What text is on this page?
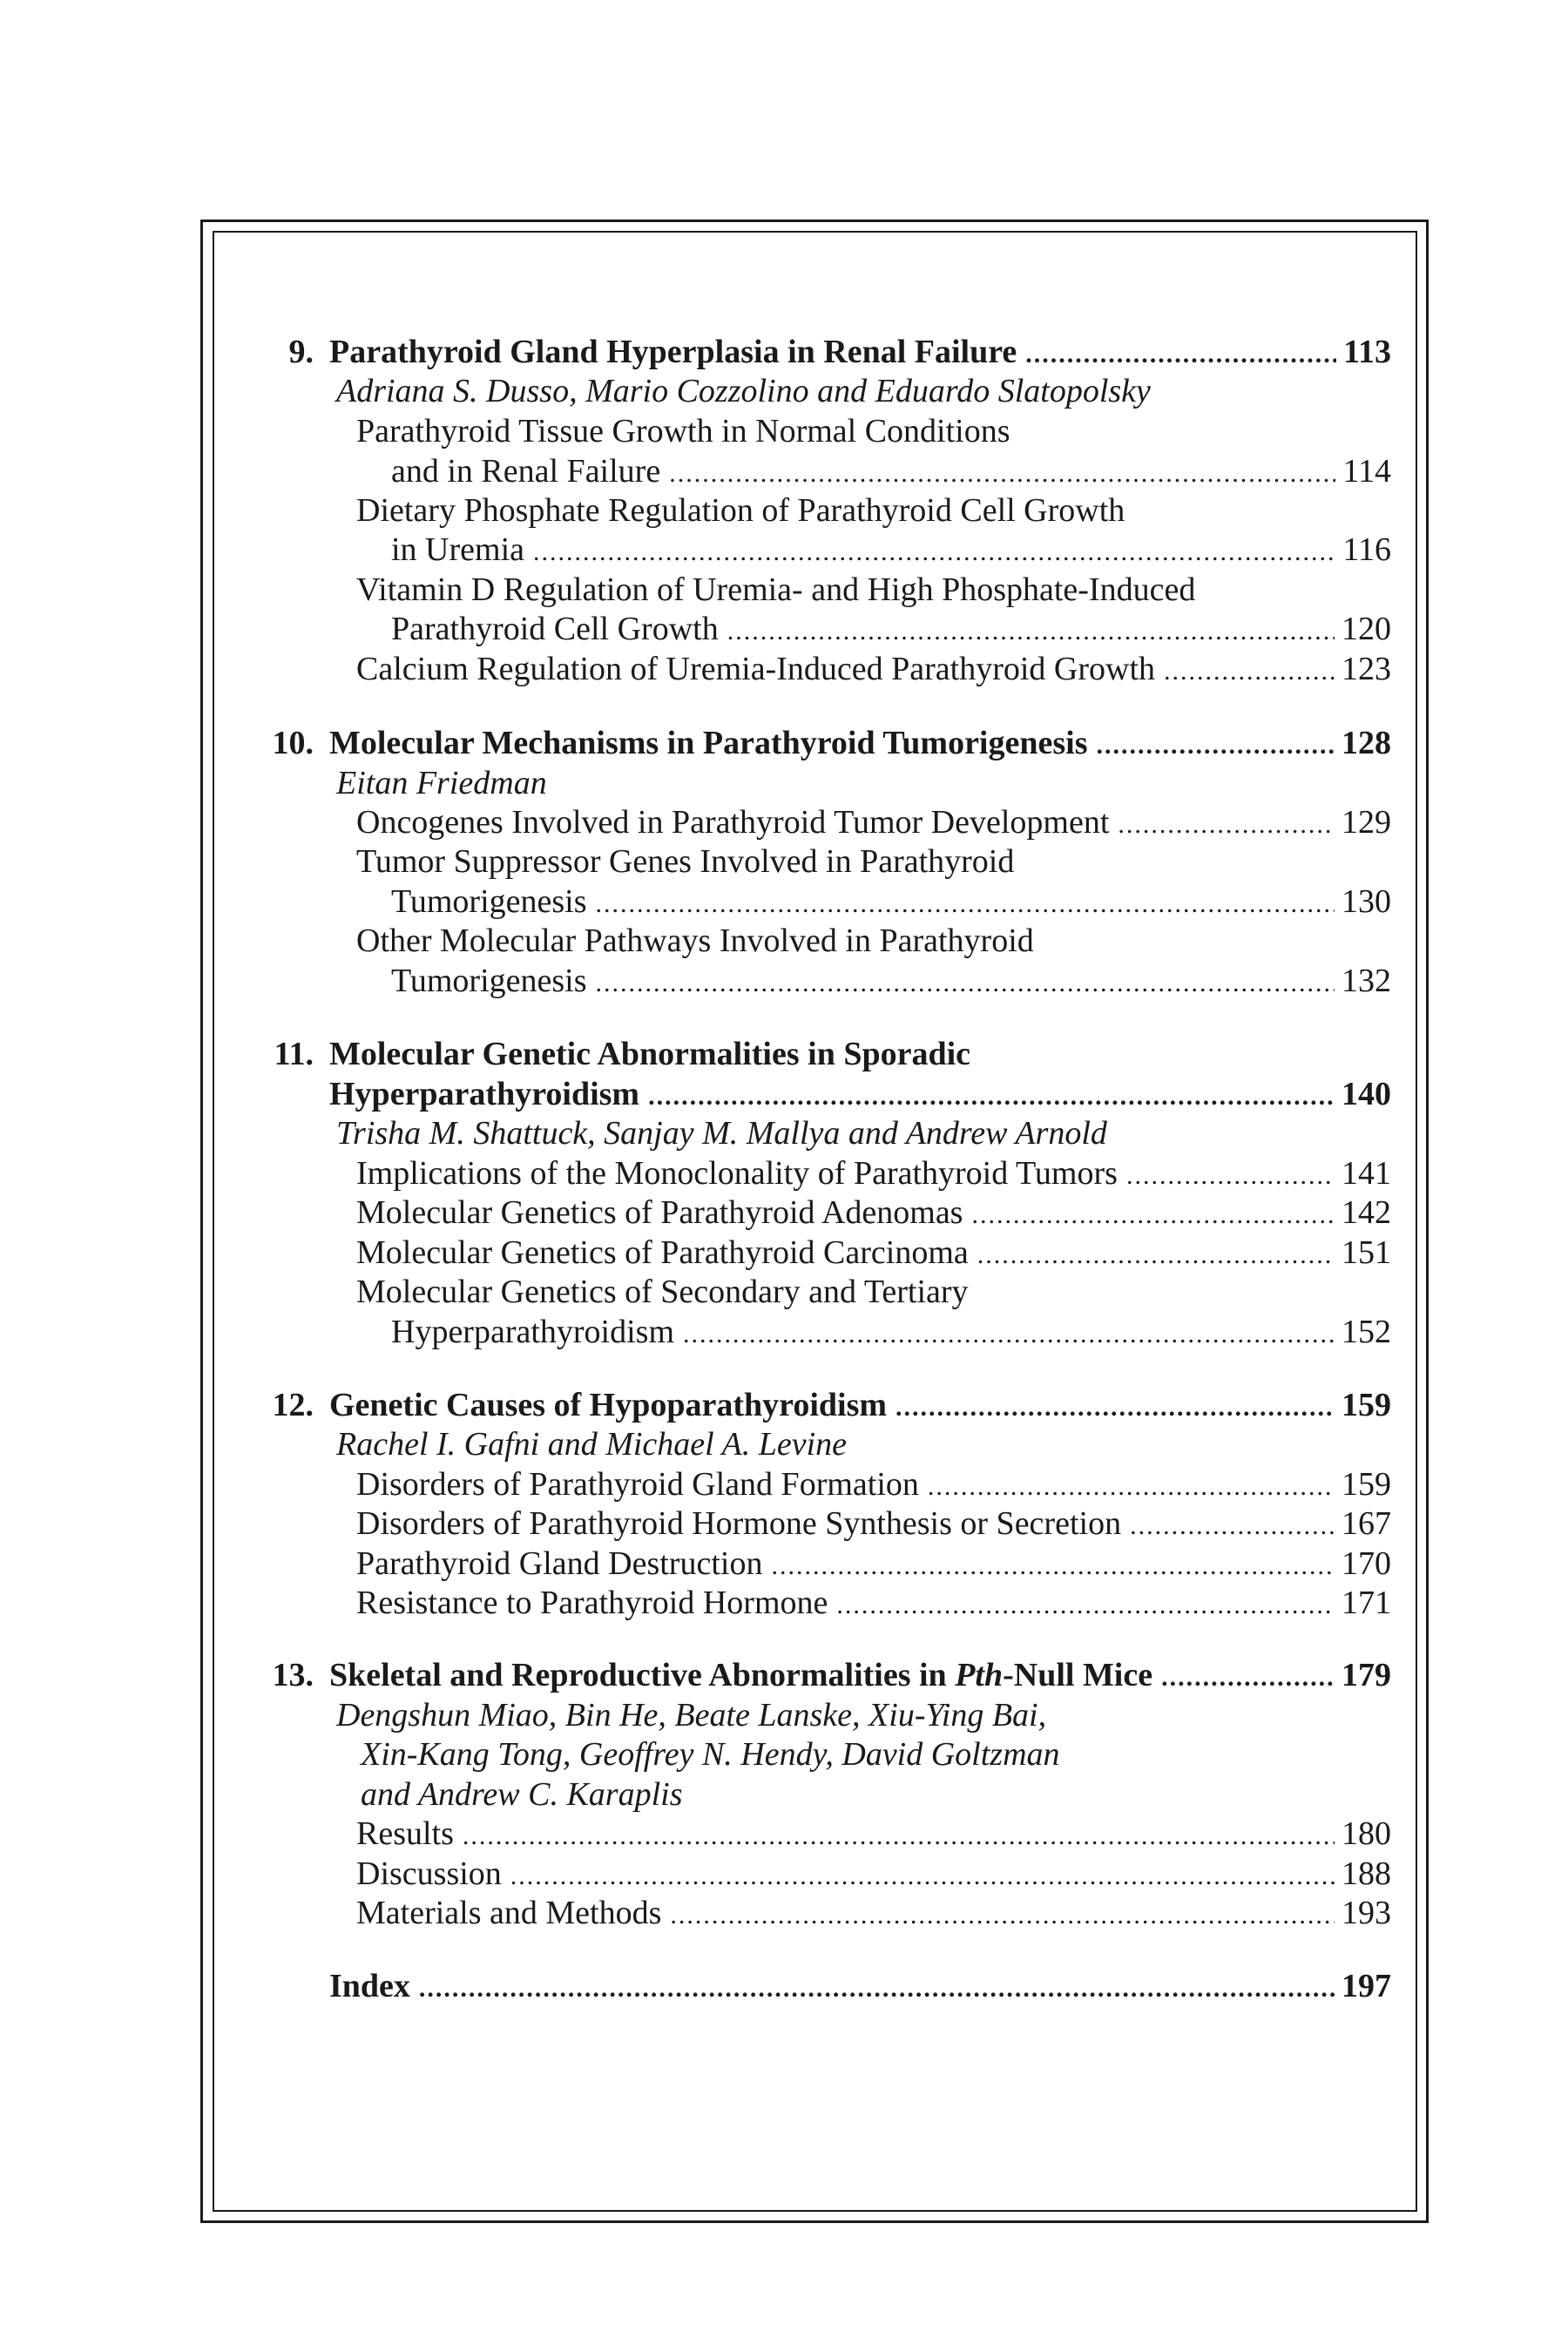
9. Parathyroid Gland Hyperplasia in Renal Failure .....	113
Adriana S. Dusso, Mario Cozzolino and Eduardo Slatopolsky
Parathyroid Tissue Growth in Normal Conditions
and in Renal Failure .....	114
Dietary Phosphate Regulation of Parathyroid Cell Growth
in Uremia .....	116
Vitamin D Regulation of Uremia- and High Phosphate-Induced
Parathyroid Cell Growth .....	120
Calcium Regulation of Uremia-Induced Parathyroid Growth .....	123
10. Molecular Mechanisms in Parathyroid Tumorigenesis .....	128
Eitan Friedman
Oncogenes Involved in Parathyroid Tumor Development .....	129
Tumor Suppressor Genes Involved in Parathyroid
Tumorigenesis .....	130
Other Molecular Pathways Involved in Parathyroid
Tumorigenesis .....	132
11. Molecular Genetic Abnormalities in Sporadic
Hyperparathyroidism .....	140
Trisha M. Shattuck, Sanjay M. Mallya and Andrew Arnold
Implications of the Monoclonality of Parathyroid Tumors .....	141
Molecular Genetics of Parathyroid Adenomas .....	142
Molecular Genetics of Parathyroid Carcinoma .....	151
Molecular Genetics of Secondary and Tertiary
Hyperparathyroidism .....	152
12. Genetic Causes of Hypoparathyroidism .....	159
Rachel I. Gafni and Michael A. Levine
Disorders of Parathyroid Gland Formation .....	159
Disorders of Parathyroid Hormone Synthesis or Secretion .....	167
Parathyroid Gland Destruction .....	170
Resistance to Parathyroid Hormone .....	171
13. Skeletal and Reproductive Abnormalities in Pth-Null Mice .....	179
Dengshun Miao, Bin He, Beate Lanske, Xiu-Ying Bai,
Xin-Kang Tong, Geoffrey N. Hendy, David Goltzman
and Andrew C. Karaplis
Results .....	180
Discussion .....	188
Materials and Methods .....	193
Index .....	197
